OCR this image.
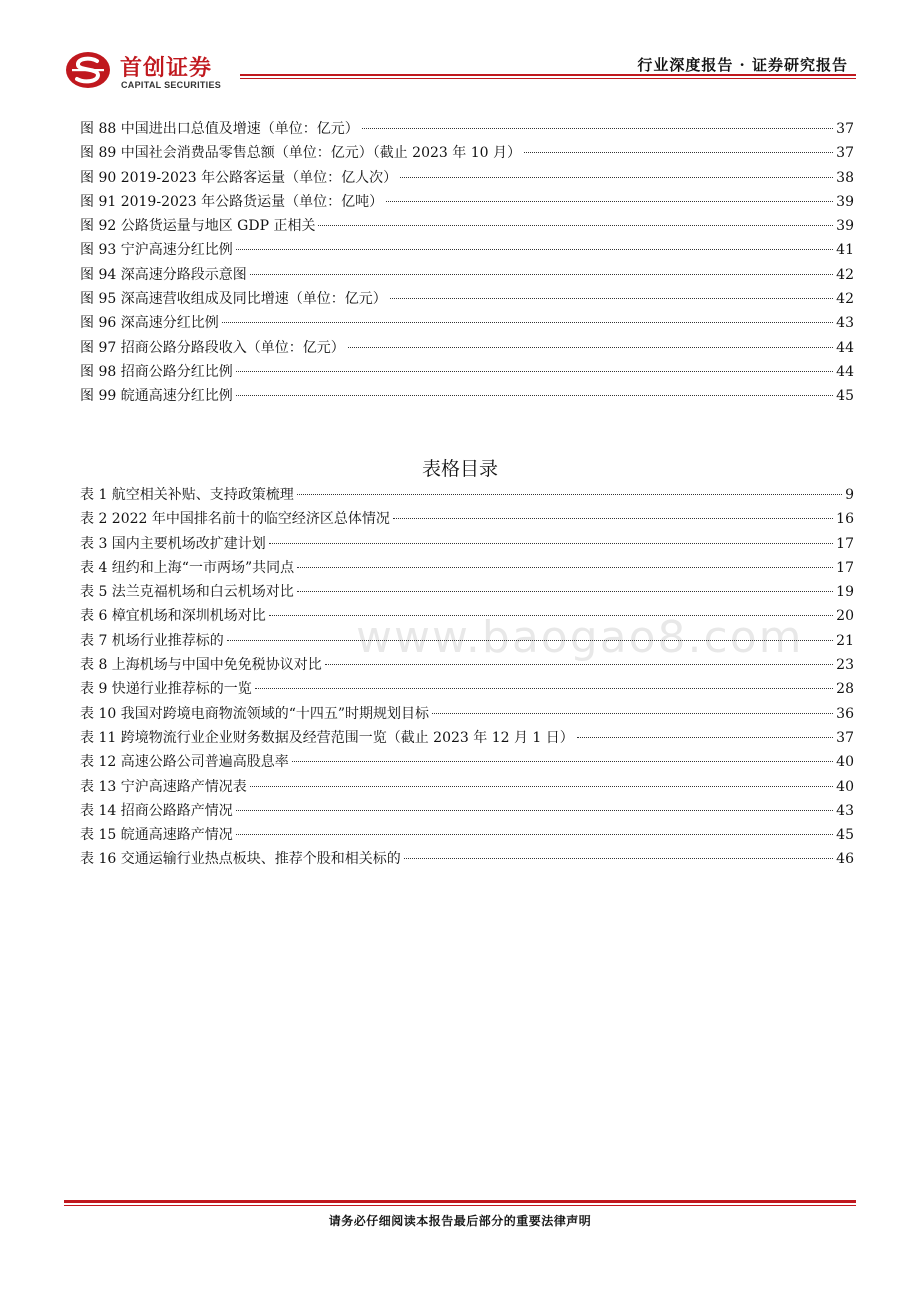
首创证券
CAPITAL SECURITIES
行业深度报告 · 证券研究报告
图 88 中国进出口总值及增速（单位：亿元）	37
图 89 中国社会消费品零售总额（单位：亿元）（截止 2023 年 10 月）	37
图 90 2019-2023 年公路客运量（单位：亿人次）	38
图 91 2019-2023 年公路货运量（单位：亿吨）	39
图 92 公路货运量与地区 GDP 正相关	39
图 93 宁沪高速分红比例	41
图 94 深高速分路段示意图	42
图 95 深高速营收组成及同比增速（单位：亿元）	42
图 96 深高速分红比例	43
图 97 招商公路分路段收入（单位：亿元）	44
图 98 招商公路分红比例	44
图 99 皖通高速分红比例	45
表格目录
表 1 航空相关补贴、支持政策梳理	9
表 2 2022 年中国排名前十的临空经济区总体情况	16
表 3 国内主要机场改扩建计划	17
表 4 纽约和上海“一市两场”共同点	17
表 5 法兰克福机场和白云机场对比	19
表 6 樟宜机场和深圳机场对比	20
表 7 机场行业推荐标的	21
表 8 上海机场与中国中免免税协议对比	23
表 9 快递行业推荐标的一览	28
表 10 我国对跨境电商物流领域的“十四五”时期规划目标	36
表 11 跨境物流行业企业财务数据及经营范围一览（截止 2023 年 12 月 1 日）	37
表 12 高速公路公司普遍高股息率	40
表 13 宁沪高速路产情况表	40
表 14 招商公路路产情况	43
表 15 皖通高速路产情况	45
表 16 交通运输行业热点板块、推荐个股和相关标的	46
www.baogao8.com
请务必仔细阅读本报告最后部分的重要法律声明
